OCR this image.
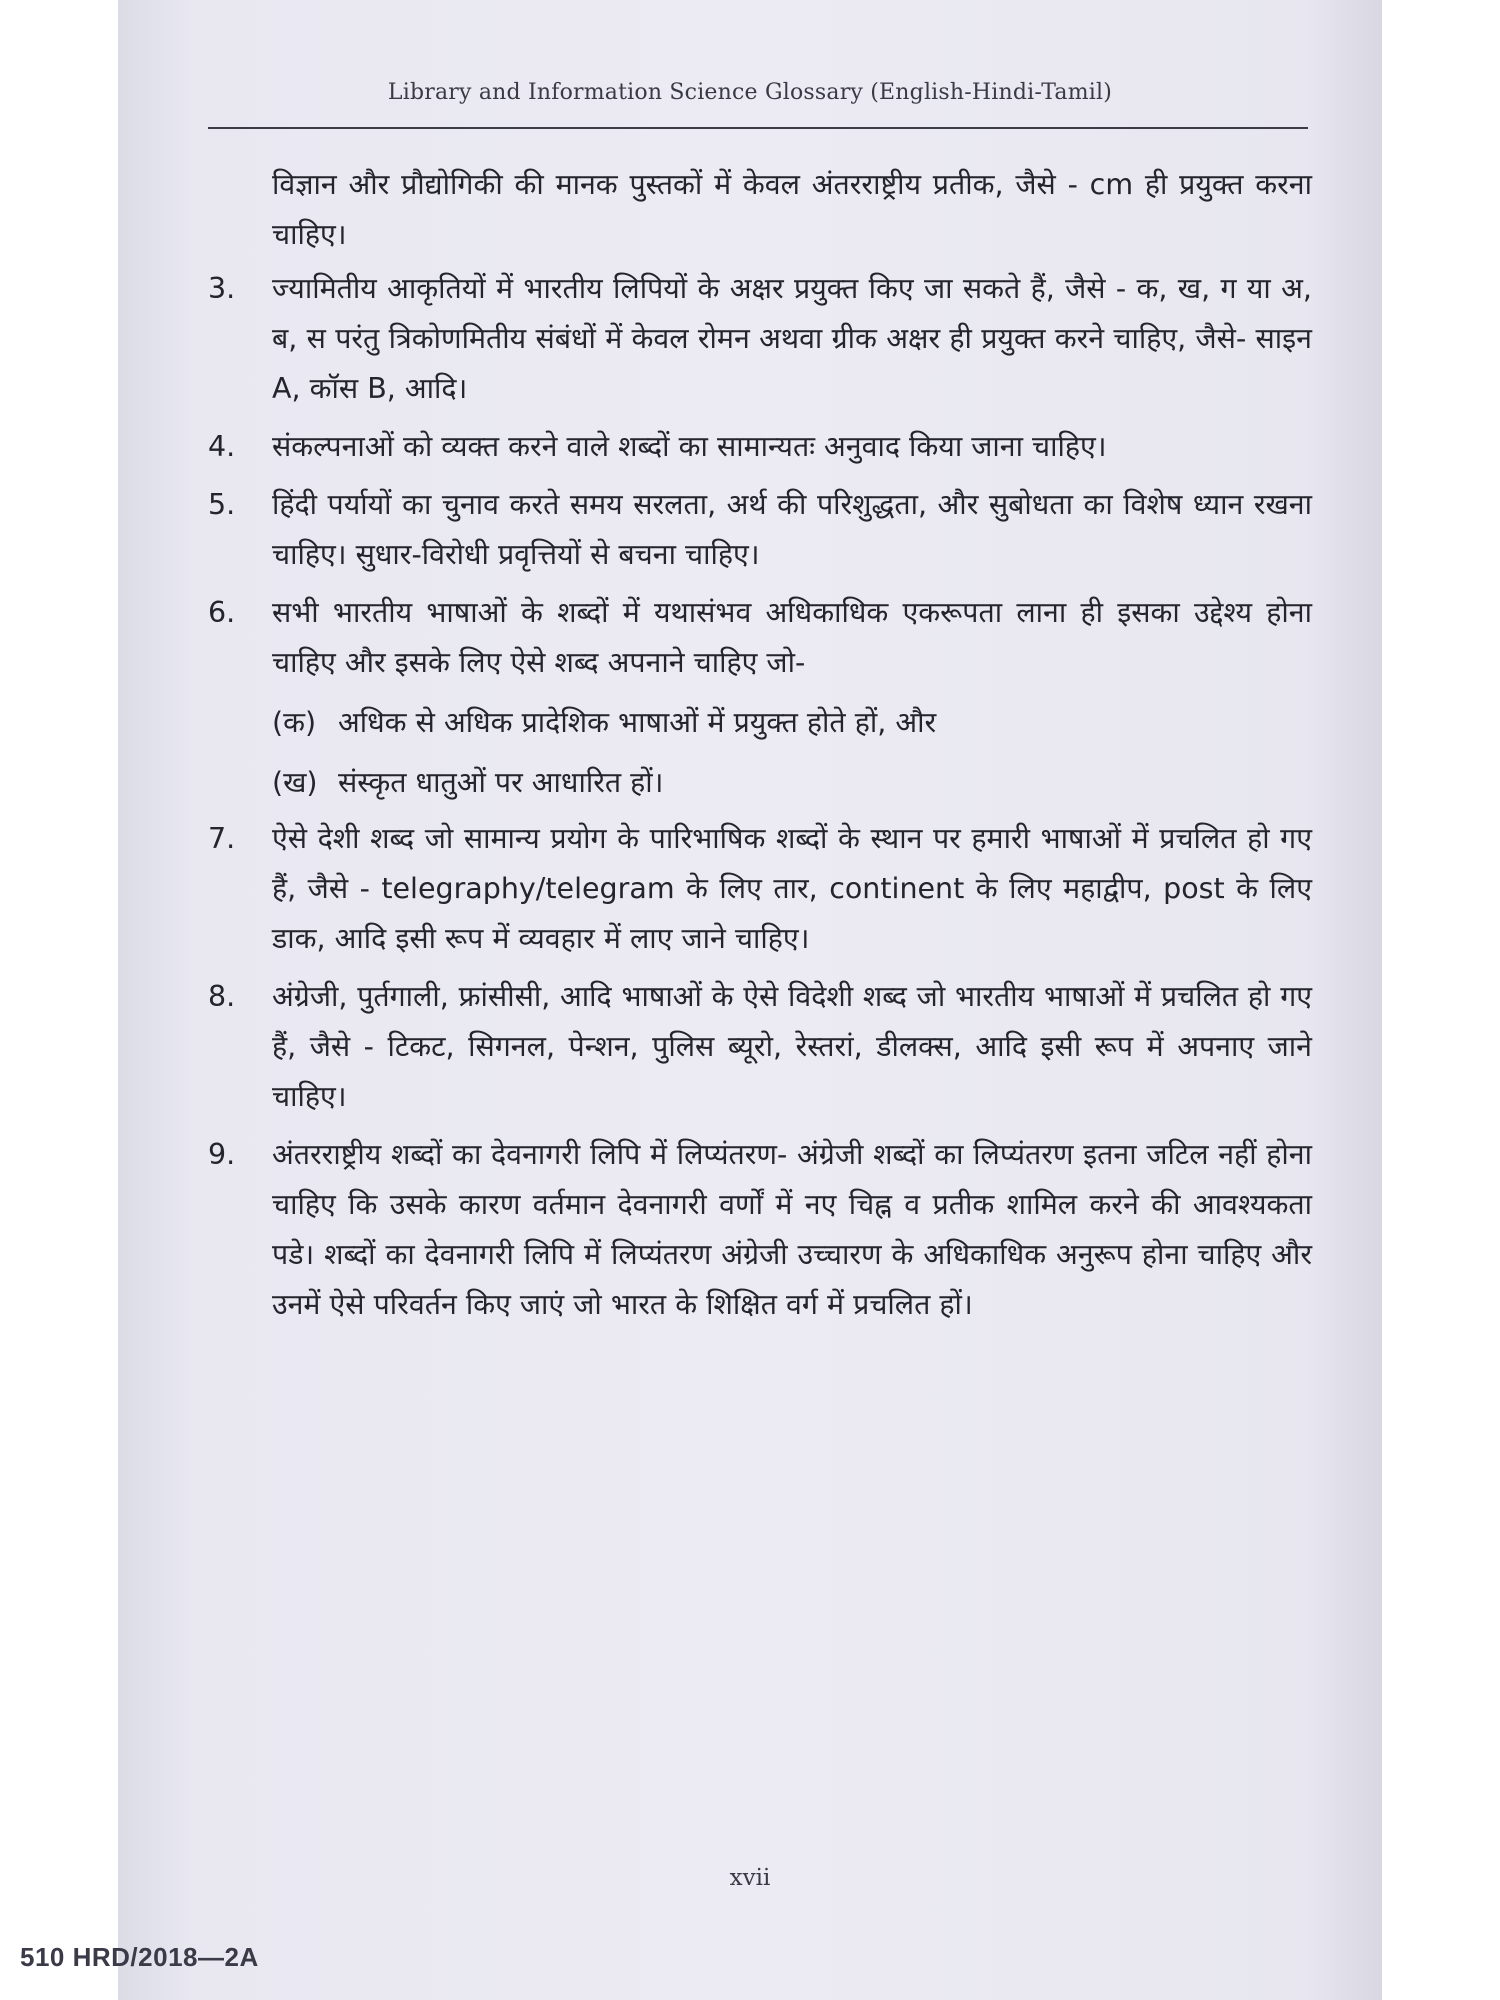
Library and Information Science Glossary (English-Hindi-Tamil)

विज्ञान और प्रौद्योगिकी की मानक पुस्तकों में केवल अंतरराष्ट्रीय प्रतीक, जैसे - cm ही प्रयुक्त करना चाहिए।

3.	ज्यामितीय आकृतियों में भारतीय लिपियों के अक्षर प्रयुक्त किए जा सकते हैं, जैसे - क, ख, ग या अ, ब, स परंतु त्रिकोणमितीय संबंधों में केवल रोमन अथवा ग्रीक अक्षर ही प्रयुक्त करने चाहिए, जैसे- साइन A, कॉस B, आदि।
4.	संकल्पनाओं को व्यक्त करने वाले शब्दों का सामान्यतः अनुवाद किया जाना चाहिए।
5.	हिंदी पर्यायों का चुनाव करते समय सरलता, अर्थ की परिशुद्धता, और सुबोधता का विशेष ध्यान रखना चाहिए। सुधार-विरोधी प्रवृत्तियों से बचना चाहिए।
6.	सभी भारतीय भाषाओं के शब्दों में यथासंभव अधिकाधिक एकरूपता लाना ही इसका उद्देश्य होना चाहिए और इसके लिए ऐसे शब्द अपनाने चाहिए जो-
(क) अधिक से अधिक प्रादेशिक भाषाओं में प्रयुक्त होते हों, और
(ख) संस्कृत धातुओं पर आधारित हों।
7.	ऐसे देशी शब्द जो सामान्य प्रयोग के पारिभाषिक शब्दों के स्थान पर हमारी भाषाओं में प्रचलित हो गए हैं, जैसे - telegraphy/telegram के लिए तार, continent के लिए महाद्वीप, post के लिए डाक, आदि इसी रूप में व्यवहार में लाए जाने चाहिए।
8.	अंग्रेजी, पुर्तगाली, फ्रांसीसी, आदि भाषाओं के ऐसे विदेशी शब्द जो भारतीय भाषाओं में प्रचलित हो गए हैं, जैसे - टिकट, सिगनल, पेन्शन, पुलिस ब्यूरो, रेस्तरां, डीलक्स, आदि इसी रूप में अपनाए जाने चाहिए।
9.	अंतरराष्ट्रीय शब्दों का देवनागरी लिपि में लिप्यंतरण- अंग्रेजी शब्दों का लिप्यंतरण इतना जटिल नहीं होना चाहिए कि उसके कारण वर्तमान देवनागरी वर्णों में नए चिह्न व प्रतीक शामिल करने की आवश्यकता पडे। शब्दों का देवनागरी लिपि में लिप्यंतरण अंग्रेजी उच्चारण के अधिकाधिक अनुरूप होना चाहिए और उनमें ऐसे परिवर्तन किए जाएं जो भारत के शिक्षित वर्ग में प्रचलित हों।
xvii
510 HRD/2018—2A
